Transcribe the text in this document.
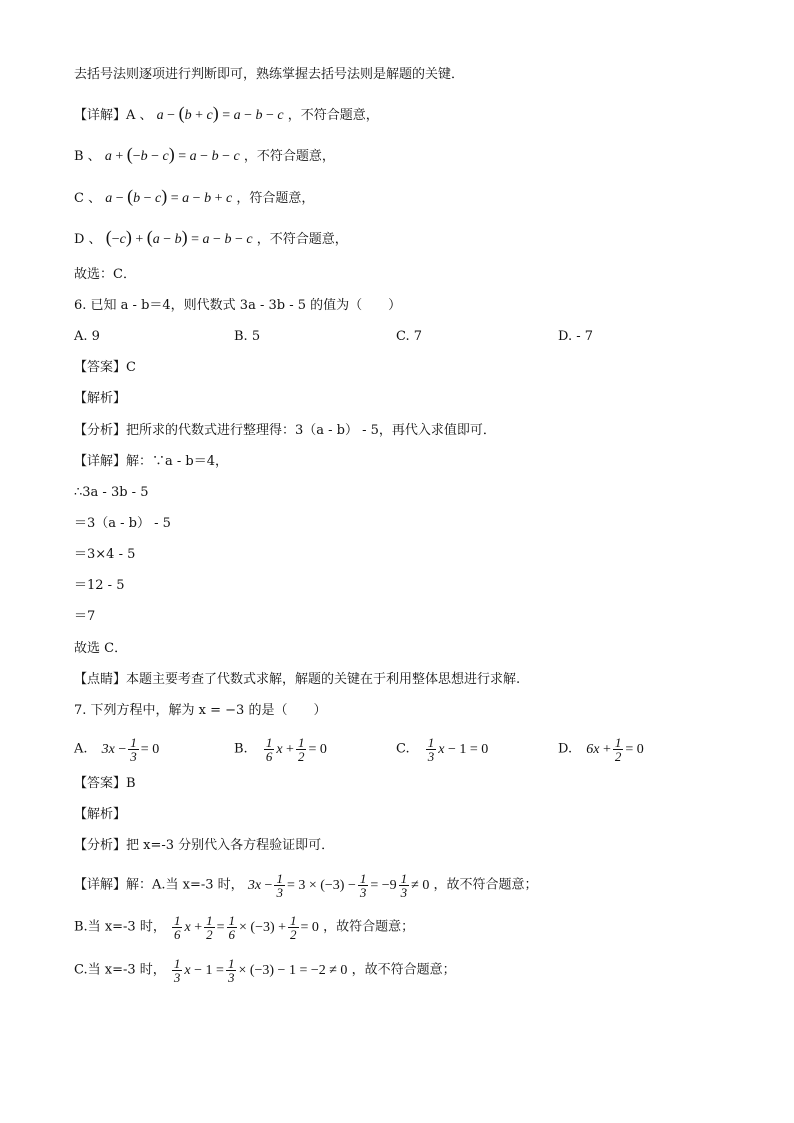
去括号法则逐项进行判断即可，熟练掌握去括号法则是解题的关键．
【详解】A 、 a − (b + c) = a − b − c ，不符合题意，
B 、 a + (−b − c) = a − b − c ，不符合题意，
C 、 a − (b − c) = a − b + c ，符合题意，
D 、 (−c) + (a − b) = a − b − c ，不符合题意，
故选：C．
6. 已知 a - b＝4，则代数式 3a - 3b - 5 的值为（　　）
A. 9	B. 5	C. 7	D. - 7
【答案】C
【解析】
【分析】把所求的代数式进行整理得：3（a - b） - 5，再代入求值即可．
【详解】解：∵a - b＝4，
∴3a - 3b - 5
＝3（a - b） - 5
＝3×4 - 5
＝12 - 5
＝7
故选 C．
【点睛】本题主要考查了代数式求解，解题的关键在于利用整体思想进行求解.
7. 下列方程中，解为 x = −3 的是（　　）
A. $3x - \frac{1}{3} = 0$	B. $\frac{1}{6}$ $x + \frac{1}{2} = 0$	C. $\frac{1}{3}$ x − 1 = 0	D. $6x + \frac{1}{2} = 0$
【答案】B
【解析】
【分析】把 x=-3 分别代入各方程验证即可．
【详解】解：A.当 x=-3 时， $3x - \frac{1}{3} = 3 \times (-3) - \frac{1}{3} = -9 \frac{1}{3} \ne 0$ ，故不符合题意；
B.当 x=-3 时， $\frac{1}{6}$ $x + \frac{1}{2} = \frac{1}{6} \times (-3) + \frac{1}{2} = 0$ ，故符合题意；
C.当 x=-3 时， $\frac{1}{3}$ $x - 1 = \frac{1}{3} \times (-3) - 1 = -2 \ne 0$ ，故不符合题意；
